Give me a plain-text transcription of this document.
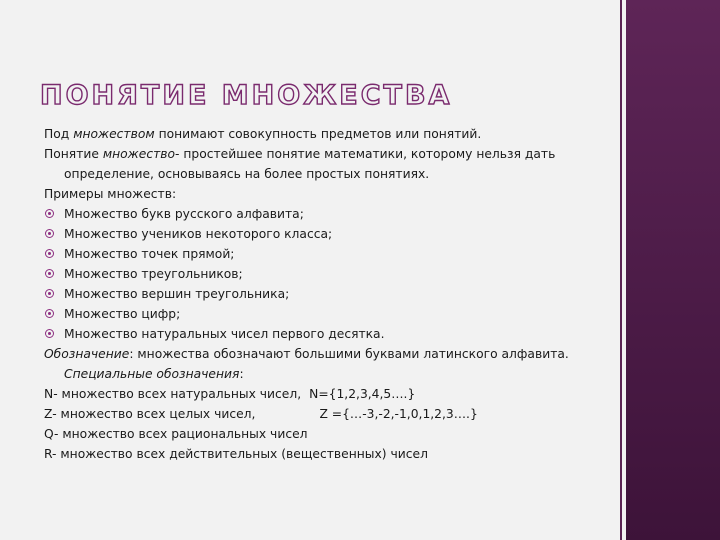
ПОНЯТИЕ МНОЖЕСТВА

Под множеством понимают совокупность предметов или понятий.

Понятие множество- простейшее понятие математики, которому нельзя дать определение, основываясь на более простых понятиях.

Примеры множеств:

Множество букв русского алфавита;
Множество учеников некоторого класса;
Множество точек прямой;
Множество треугольников;
Множество вершин треугольника;
Множество цифр;
Множество натуральных чисел первого десятка.

Обозначение: множества обозначают большими буквами латинского алфавита. Специальные обозначения:

N- множество всех натуральных чисел, N={1,2,3,4,5….}

Z- множество всех целых чисел,	Z ={…-3,-2,-1,0,1,2,3….}

Q- множество всех рациональных чисел

R- множество всех действительных (вещественных) чисел
